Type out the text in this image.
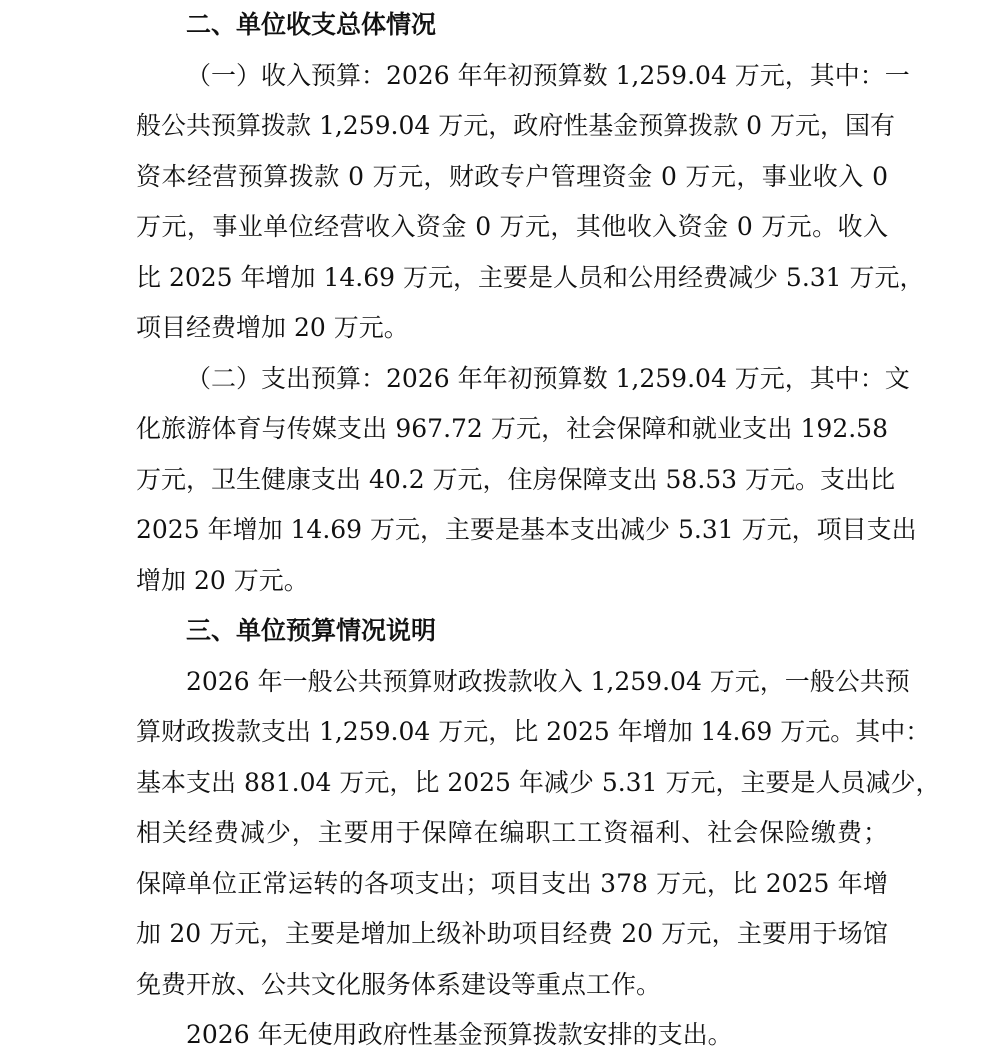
二、单位收支总体情况
（一）收入预算：2026 年年初预算数 1,259.04 万元，其中：一
般公共预算拨款 1,259.04 万元，政府性基金预算拨款 0 万元，国有
资本经营预算拨款 0 万元，财政专户管理资金 0 万元，事业收入 0
万元，事业单位经营收入资金 0 万元，其他收入资金 0 万元。收入
比 2025 年增加 14.69 万元，主要是人员和公用经费减少 5.31 万元，
项目经费增加 20 万元。
（二）支出预算：2026 年年初预算数 1,259.04 万元，其中：文
化旅游体育与传媒支出 967.72 万元，社会保障和就业支出 192.58
万元，卫生健康支出 40.2 万元，住房保障支出 58.53 万元。支出比
2025 年增加 14.69 万元，主要是基本支出减少 5.31 万元，项目支出
增加 20 万元。
三、单位预算情况说明
2026 年一般公共预算财政拨款收入 1,259.04 万元，一般公共预
算财政拨款支出 1,259.04 万元，比 2025 年增加 14.69 万元。其中：
基本支出 881.04 万元，比 2025 年减少 5.31 万元，主要是人员减少，
相关经费减少，主要用于保障在编职工工资福利、社会保险缴费；
保障单位正常运转的各项支出；项目支出 378 万元，比 2025 年增
加 20 万元，主要是增加上级补助项目经费 20 万元，主要用于场馆
免费开放、公共文化服务体系建设等重点工作。
2026 年无使用政府性基金预算拨款安排的支出。
